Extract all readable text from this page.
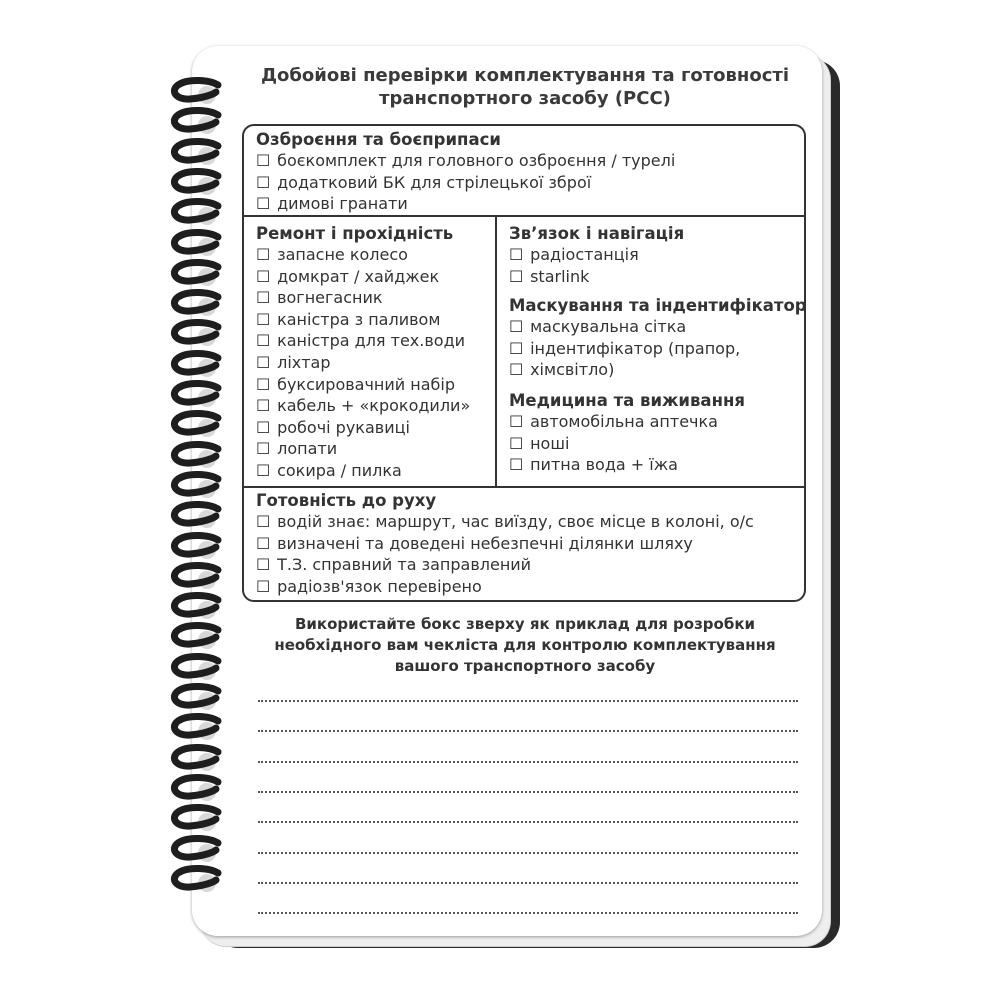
Добойові перевірки комплектування та готовності транспортного засобу (РСС)
Озброєння та боєприпаси
☐ боєкомплект для головного озброєння / турелі
☐ додатковий БК для стрілецької зброї
☐ димові гранати
Ремонт і прохідність
☐ запасне колесо
☐ домкрат / хайджек
☐ вогнегасник
☐ каністра з паливом
☐ каністра для тех.води
☐ ліхтар
☐ буксировачний набір
☐ кабель + «крокодили»
☐ робочі рукавиці
☐ лопати
☐ сокира / пилка
Зв’язок і навігація
☐ радіостанція
☐ starlink
Маскування та індентифікатор
☐ маскувальна сітка
☐ індентифікатор (прапор,
☐ хімсвітло)
Медицина та виживання
☐ автомобільна аптечка
☐ ноші
☐ питна вода + їжа
Готовність до руху
☐ водій знає: маршрут, час виїзду, своє місце в колоні, о/с
☐ визначені та доведені небезпечні ділянки шляху
☐ Т.З. справний та заправлений
☐ радіозв'язок перевірено

Використайте бокс зверху як приклад для розробки необхідного вам чекліста для контролю комплектування вашого транспортного засобу
